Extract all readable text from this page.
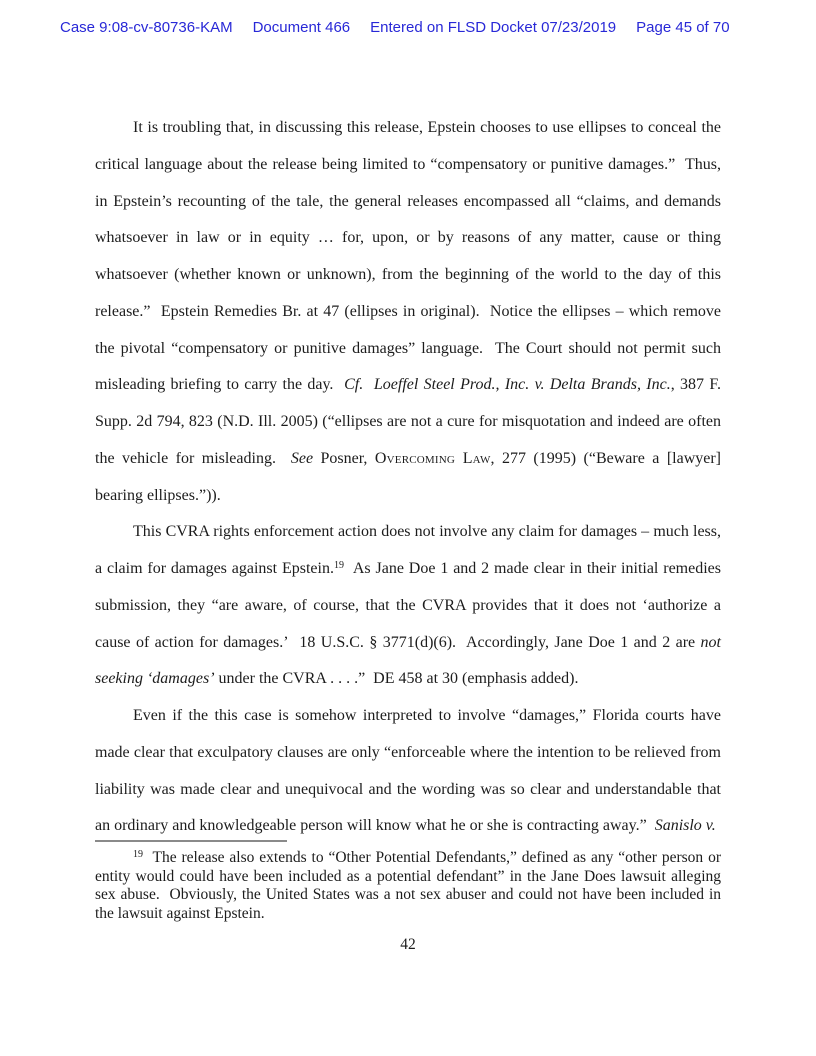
Case 9:08-cv-80736-KAM Document 466 Entered on FLSD Docket 07/23/2019 Page 45 of 70

It is troubling that, in discussing this release, Epstein chooses to use ellipses to conceal the critical language about the release being limited to “compensatory or punitive damages.”  Thus, in Epstein’s recounting of the tale, the general releases encompassed all “claims, and demands whatsoever in law or in equity … for, upon, or by reasons of any matter, cause or thing whatsoever (whether known or unknown), from the beginning of the world to the day of this release.”  Epstein Remedies Br. at 47 (ellipses in original).  Notice the ellipses – which remove the pivotal “compensatory or punitive damages” language.  The Court should not permit such misleading briefing to carry the day.  Cf.  Loeffel Steel Prod., Inc. v. Delta Brands, Inc., 387 F. Supp. 2d 794, 823 (N.D. Ill. 2005) (“ellipses are not a cure for misquotation and indeed are often the vehicle for misleading.  See Posner, Overcoming Law, 277 (1995) (“Beware a [lawyer] bearing ellipses.”)).

This CVRA rights enforcement action does not involve any claim for damages – much less, a claim for damages against Epstein.$^{19}$  As Jane Doe 1 and 2 made clear in their initial remedies submission, they “are aware, of course, that the CVRA provides that it does not ‘authorize a cause of action for damages.’  18 U.S.C. § 3771(d)(6).  Accordingly, Jane Doe 1 and 2 are not seeking ‘damages’ under the CVRA . . . .”  DE 458 at 30 (emphasis added).

Even if the this case is somehow interpreted to involve “damages,” Florida courts have made clear that exculpatory clauses are only “enforceable where the intention to be relieved from liability was made clear and unequivocal and the wording was so clear and understandable that an ordinary and knowledgeable person will know what he or she is contracting away.”  Sanislo v.

$^{19}$  The release also extends to “Other Potential Defendants,” defined as any “other person or entity would could have been included as a potential defendant” in the Jane Does lawsuit alleging sex abuse.  Obviously, the United States was a not sex abuser and could not have been included in the lawsuit against Epstein.

42
